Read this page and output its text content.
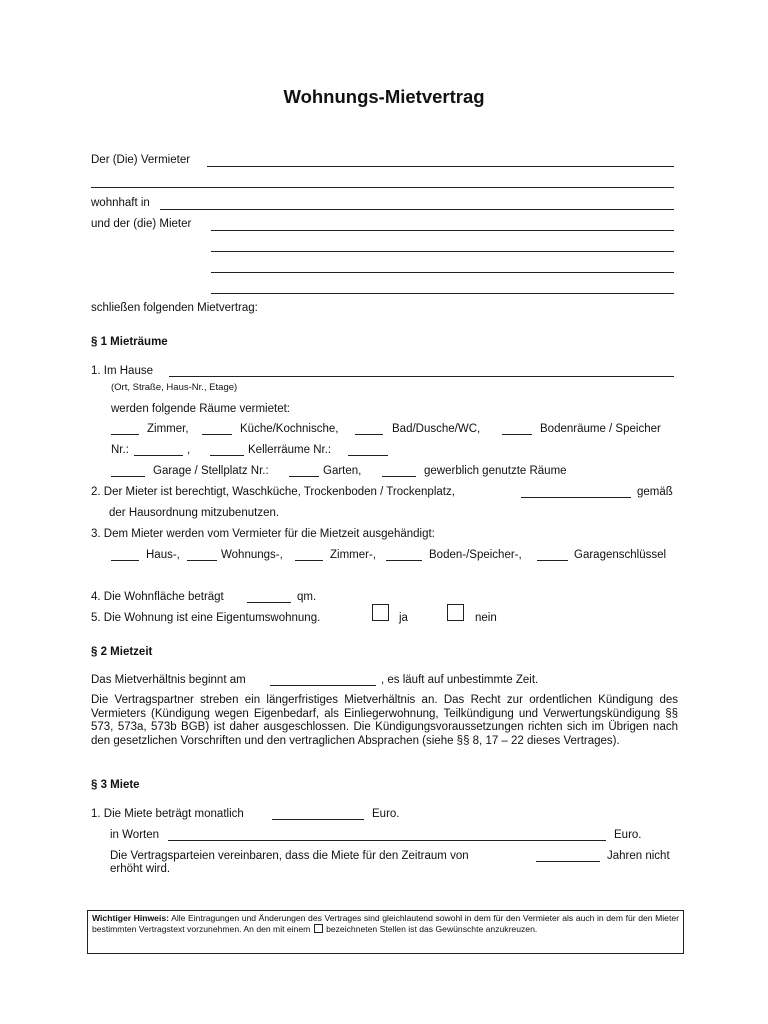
Wohnungs-Mietvertrag
Der (Die) Vermieter
wohnhaft in
und der (die) Mieter
schließen folgenden Mietvertrag:
§ 1 Mieträume
1. Im Hause
(Ort, Straße, Haus-Nr., Etage)
werden folgende Räume vermietet:
Zimmer,	Küche/Kochnische,	Bad/Dusche/WC,	Bodenräume / Speicher
Nr.:	,	Kellerräume Nr.:
Garage / Stellplatz Nr.:	Garten,	gewerblich genutzte Räume
2. Der Mieter ist berechtigt, Waschküche, Trockenboden / Trockenplatz,	gemäß
der Hausordnung mitzubenutzen.
3. Dem Mieter werden vom Vermieter für die Mietzeit ausgehändigt:
Haus-,	Wohnungs-,	Zimmer-,	Boden-/Speicher-,	Garagenschlüssel
4. Die Wohnfläche beträgt	qm.
5. Die Wohnung ist eine Eigentumswohnung.	ja	nein
§ 2 Mietzeit
Das Mietverhältnis beginnt am	, es läuft auf unbestimmte Zeit.
Die Vertragspartner streben ein längerfristiges Mietverhältnis an. Das Recht zur ordentlichen Kündigung des Vermieters (Kündigung wegen Eigenbedarf, als Einliegerwohnung, Teilkündigung und Verwertungskündigung §§ 573, 573a, 573b BGB) ist daher ausgeschlossen. Die Kündigungsvoraussetzungen richten sich im Übrigen nach den gesetzlichen Vorschriften und den vertraglichen Absprachen (siehe §§ 8, 17 – 22 dieses Vertrages).
§ 3 Miete
1. Die Miete beträgt monatlich	Euro.
in Worten	Euro.
Die Vertragsparteien vereinbaren, dass die Miete für den Zeitraum von	Jahren nicht
erhöht wird.
Wichtiger Hinweis: Alle Eintragungen und Änderungen des Vertrages sind gleichlautend sowohl in dem für den Vermieter als auch in dem für den Mieter bestimmten Vertragstext vorzunehmen. An den mit einem bezeichneten Stellen ist das Gewünschte anzukreuzen.
